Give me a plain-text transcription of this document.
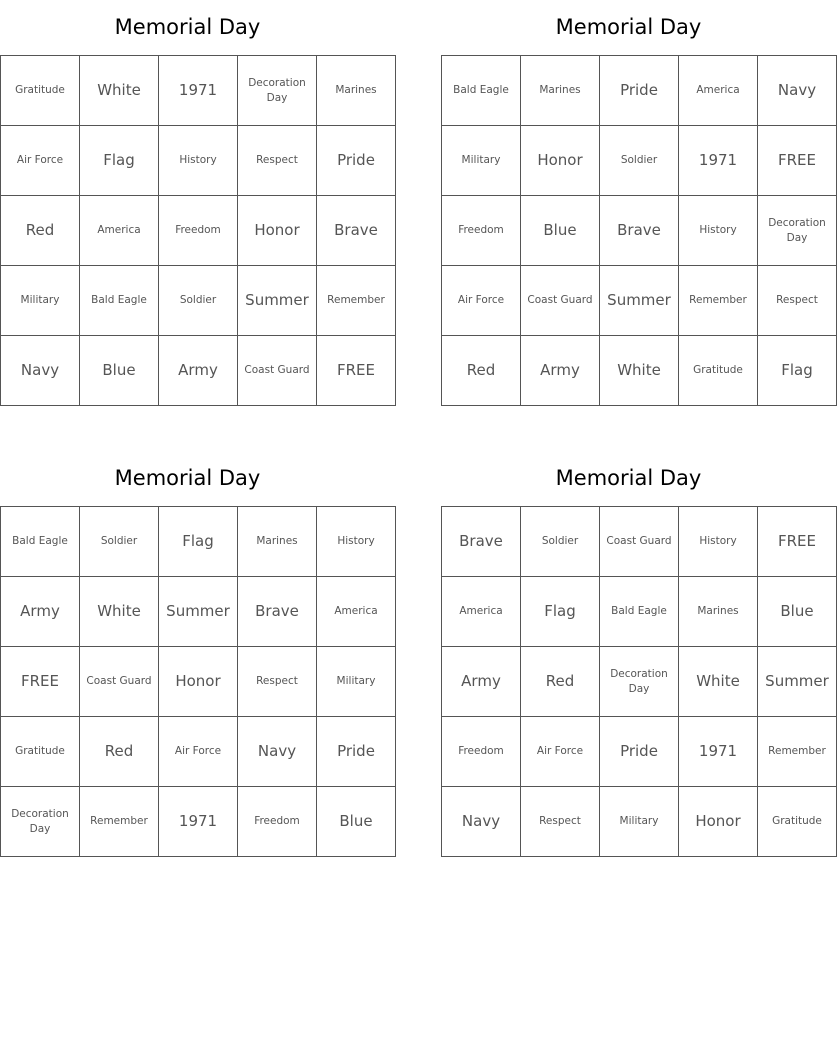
Memorial Day
Gratitude	White	1971	Decoration Day	Marines
Air Force	Flag	History	Respect	Pride
Red	America	Freedom	Honor	Brave
Military	Bald Eagle	Soldier	Summer	Remember
Navy	Blue	Army	Coast Guard	FREE
Memorial Day
Bald Eagle	Marines	Pride	America	Navy
Military	Honor	Soldier	1971	FREE
Freedom	Blue	Brave	History	Decoration Day
Air Force	Coast Guard	Summer	Remember	Respect
Red	Army	White	Gratitude	Flag
Memorial Day
Bald Eagle	Soldier	Flag	Marines	History
Army	White	Summer	Brave	America
FREE	Coast Guard	Honor	Respect	Military
Gratitude	Red	Air Force	Navy	Pride
Decoration Day	Remember	1971	Freedom	Blue
Memorial Day
Brave	Soldier	Coast Guard	History	FREE
America	Flag	Bald Eagle	Marines	Blue
Army	Red	Decoration Day	White	Summer
Freedom	Air Force	Pride	1971	Remember
Navy	Respect	Military	Honor	Gratitude
